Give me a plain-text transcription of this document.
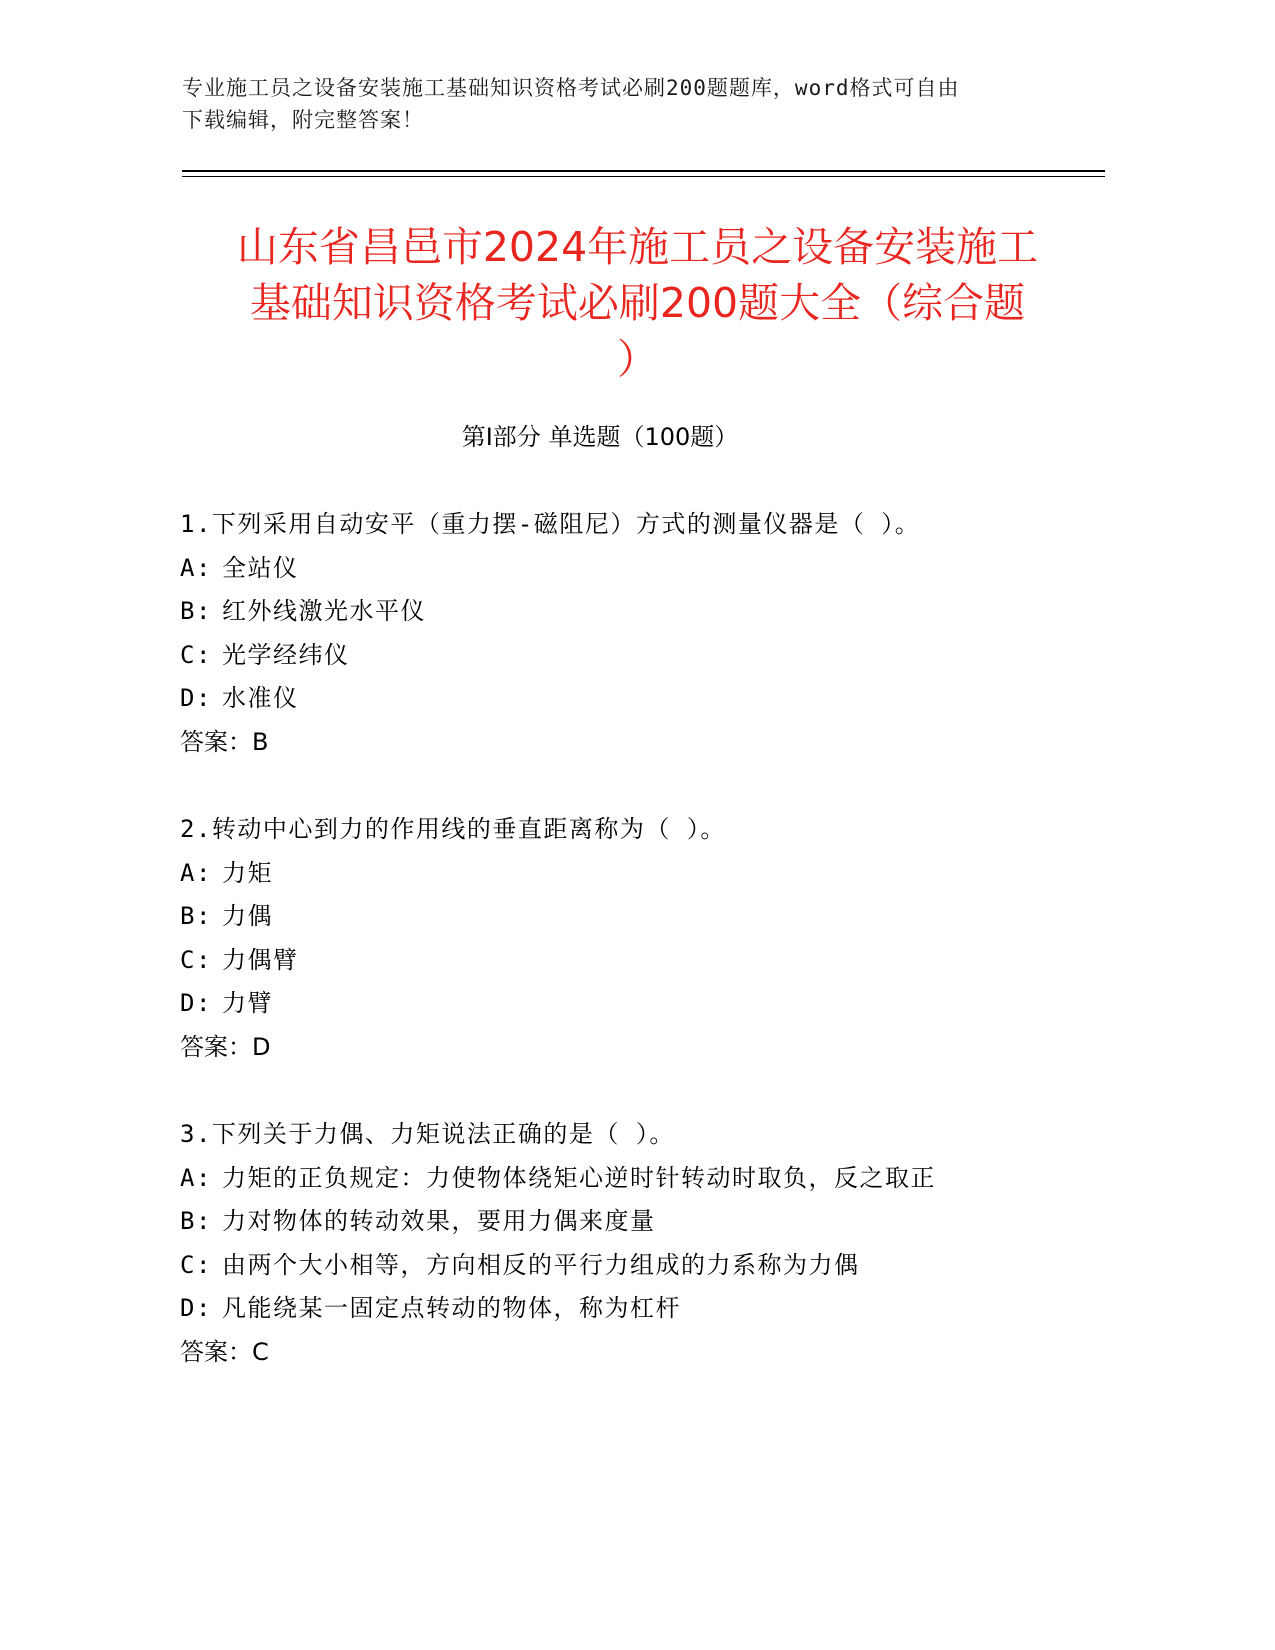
专业施工员之设备安装施工基础知识资格考试必刷200题题库，word格式可自由
下载编辑，附完整答案！
山东省昌邑市2024年施工员之设备安装施工
基础知识资格考试必刷200题大全（综合题
）
第Ⅰ部分 单选题（100题）
1.下列采用自动安平（重力摆-磁阻尼）方式的测量仪器是（ ）。
A: 全站仪
B: 红外线激光水平仪
C: 光学经纬仪
D: 水准仪
答案：B
2.转动中心到力的作用线的垂直距离称为（ ）。
A: 力矩
B: 力偶
C: 力偶臂
D: 力臂
答案：D
3.下列关于力偶、力矩说法正确的是（ ）。
A: 力矩的正负规定：力使物体绕矩心逆时针转动时取负，反之取正
B: 力对物体的转动效果，要用力偶来度量
C: 由两个大小相等，方向相反的平行力组成的力系称为力偶
D: 凡能绕某一固定点转动的物体，称为杠杆
答案：C
